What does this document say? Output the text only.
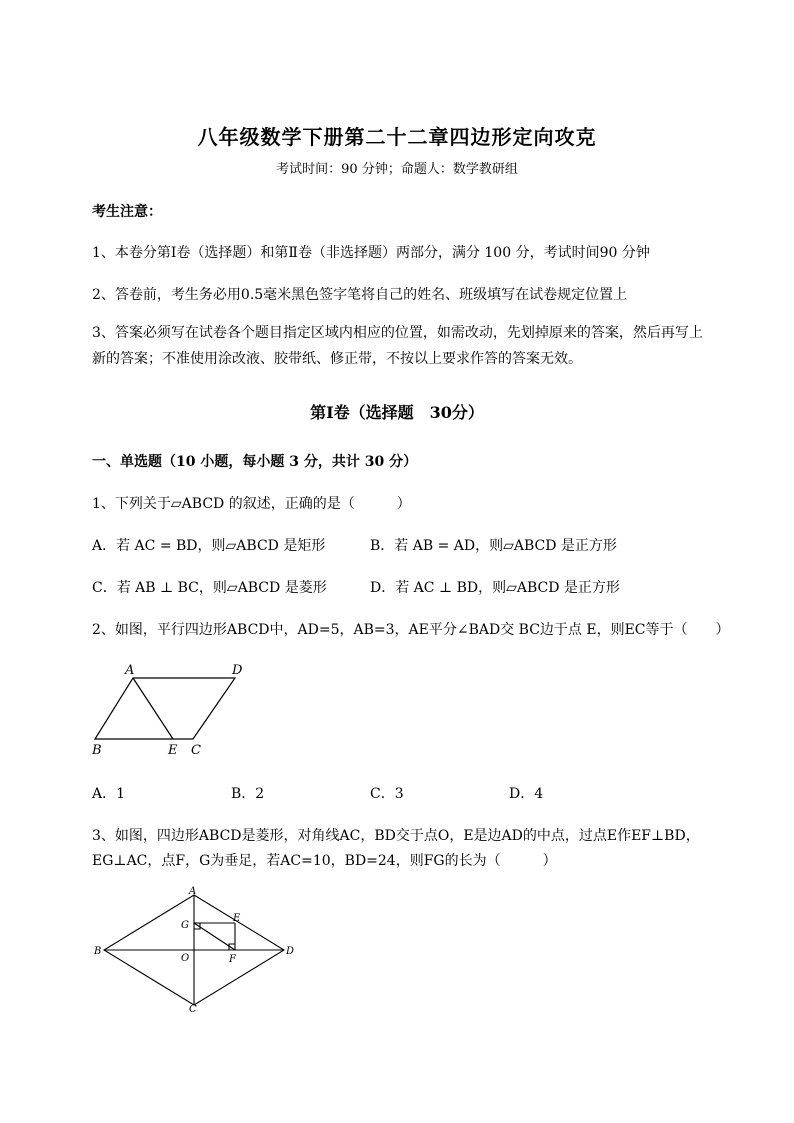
八年级数学下册第二十二章四边形定向攻克
考试时间：90 分钟；命题人：数学教研组
考生注意：
1、本卷分第Ⅰ卷（选择题）和第Ⅱ卷（非选择题）两部分，满分 100 分，考试时间90 分钟
2、答卷前，考生务必用0.5毫米黑色签字笔将自己的姓名、班级填写在试卷规定位置上
3、答案必须写在试卷各个题目指定区域内相应的位置，如需改动，先划掉原来的答案，然后再写上新的答案；不准使用涂改液、胶带纸、修正带，不按以上要求作答的答案无效。
第Ⅰ卷（选择题　30分）
一、单选题（10 小题，每小题 3 分，共计 30 分）
1、下列关于▱ABCD 的叙述，正确的是（　　　）
A．若 AC = BD，则▱ABCD 是矩形	B．若 AB = AD，则▱ABCD 是正方形
C．若 AB ⊥ BC，则▱ABCD 是菱形	D．若 AC ⊥ BD，则▱ABCD 是正方形
2、如图，平行四边形ABCD中，AD=5，AB=3，AE平分∠BAD交 BC边于点 E，则EC等于（　　）
A	D
B	E C
A．1	B．2	C．3	D．4
3、如图，四边形ABCD是菱形，对角线AC，BD交于点O，E是边AD的中点，过点E作EF⊥BD，
EG⊥AC，点F，G为垂足，若AC=10，BD=24，则FG的长为（　　　）
A
B
C
D
E
F
G
O
